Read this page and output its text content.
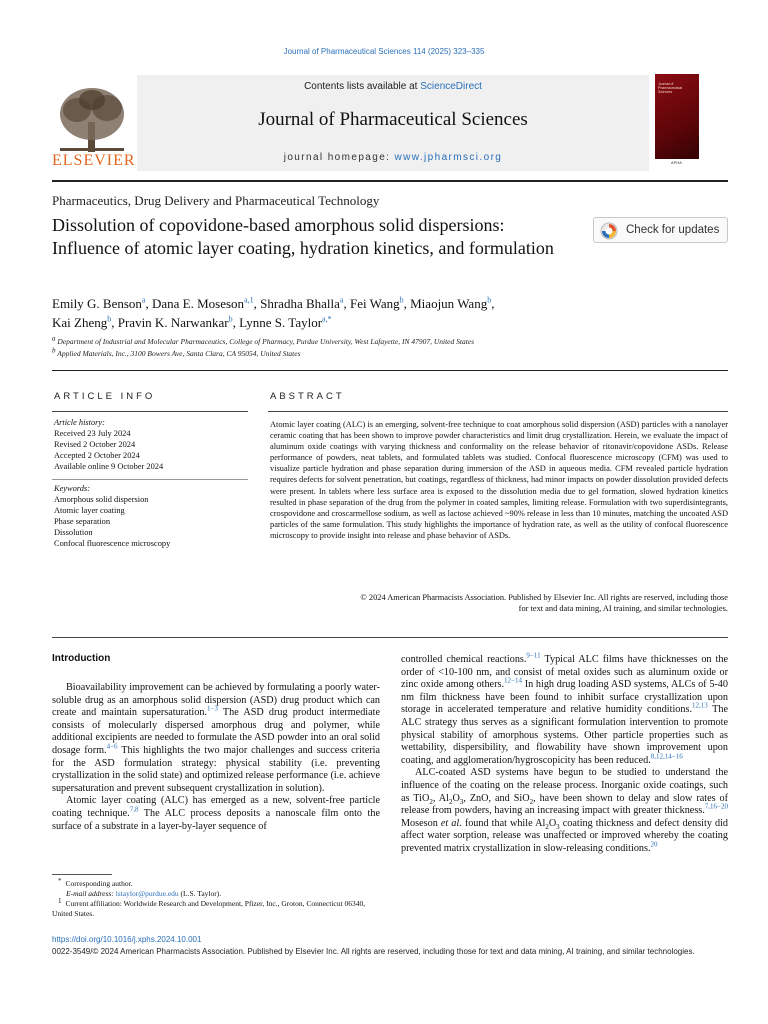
Journal of Pharmaceutical Sciences 114 (2025) 323–335
ELSEVIER
Contents lists available at ScienceDirect
Journal of Pharmaceutical Sciences
journal homepage: www.jpharmsci.org
Journal of Pharmaceutical Sciences
APHA
Pharmaceutics, Drug Delivery and Pharmaceutical Technology
Dissolution of copovidone-based amorphous solid dispersions: Influence of atomic layer coating, hydration kinetics, and formulation
Check for updates
Emily G. Benson$^a$, Dana E. Moseson$^{a,1}$, Shradha Bhalla$^a$, Fei Wang$^b$, Miaojun Wang$^b$,
Kai Zheng$^b$, Pravin K. Narwankar$^b$, Lynne S. Taylor$^{a,*}$
$^a$ Department of Industrial and Molecular Pharmaceutics, College of Pharmacy, Purdue University, West Lafayette, IN 47907, United States
$^b$ Applied Materials, Inc., 3100 Bowers Ave, Santa Clara, CA 95054, United States
ARTICLE INFO
Article history:
Received 23 July 2024
Revised 2 October 2024
Accepted 2 October 2024
Available online 9 October 2024
Keywords:
Amorphous solid dispersion
Atomic layer coating
Phase separation
Dissolution
Confocal fluorescence microscopy
ABSTRACT
Atomic layer coating (ALC) is an emerging, solvent-free technique to coat amorphous solid dispersion (ASD) particles with a nanolayer ceramic coating that has been shown to improve powder characteristics and limit drug crystallization. Herein, we evaluate the impact of aluminum oxide coatings with varying thickness and conformality on the release behavior of ritonavir/copovidone ASDs. Release performance of powders, neat tablets, and formulated tablets was studied. Confocal fluorescence microscopy (CFM) was used to visualize particle hydration and phase separation during immersion of the ASD in aqueous media. CFM revealed particle hydration requires defects for solvent penetration, but coatings, regardless of thickness, had minor impacts on powder dissolution provided defects were present. In tablets where less surface area is exposed to the dissolution media due to gel formation, slowed hydration kinetics resulted in phase separation of the drug from the polymer in coated samples, limiting release. Formulation with two superdisintegrants, crospovidone and croscarmellose sodium, as well as lactose achieved ~90% release in less than 10 minutes, matching the uncoated ASD particles of the same formulation. This study highlights the importance of hydration rate, as well as the utility of confocal fluorescence microscopy to provide insight into release and phase behavior of ASDs.
© 2024 American Pharmacists Association. Published by Elsevier Inc. All rights are reserved, including those
for text and data mining, AI training, and similar technologies.
Introduction

Bioavailability improvement can be achieved by formulating a poorly water-soluble drug as an amorphous solid dispersion (ASD) drug product which can create and maintain supersaturation.$^{1-3}$ The ASD drug product intermediate consists of molecularly dispersed amorphous drug and polymer, while additional excipients are needed to formulate the ASD powder into an oral solid dosage form.$^{4-6}$ This highlights the two major challenges and success criteria for the ASD formulation strategy: physical stability (i.e. preventing crystallization in the solid state) and optimized release performance (i.e. achieve supersaturation and prevent subsequent crystallization in solution).

Atomic layer coating (ALC) has emerged as a new, solvent-free particle coating technique.$^{7,8}$ The ALC process deposits a nanoscale film onto the surface of a substrate in a layer-by-layer sequence of

controlled chemical reactions.$^{9-11}$ Typical ALC films have thicknesses on the order of <10-100 nm, and consist of metal oxides such as aluminum oxide or zinc oxide among others.$^{12-14}$ In high drug loading ASD systems, ALCs of 5-40 nm film thickness have been found to inhibit surface crystallization upon storage in accelerated temperature and relative humidity conditions.$^{12,13}$ The ALC strategy thus serves as a significant formulation intervention to promote physical stability of amorphous systems. Other particle properties such as wettability, dispersibility, and flowability have shown improvement upon coating, and agglomeration/hygroscopicity has been reduced.$^{8,12,14-16}$

ALC-coated ASD systems have begun to be studied to understand the influence of the coating on the release process. Inorganic oxide coatings, such as TiO$_2$, $Al_2O_3$, ZnO, and SiO$_2$, have been shown to delay and slow rates of release from powders, having an increasing impact with greater thickness.$^{7,16-20}$ Moseson et al. found that while $Al_2O_3$ coating thickness and defect density did affect water sorption, release was unaffected or improved whereby the coating prevented matrix crystallization in slow-releasing conditions.$^{20}$

* Corresponding author.
E-mail address: lstaylor@purdue.edu (L.S. Taylor).
$^1$ Current affiliation: Worldwide Research and Development, Pfizer, Inc., Groton, Connecticut 06340, United States.
https://doi.org/10.1016/j.xphs.2024.10.001
0022-3549/© 2024 American Pharmacists Association. Published by Elsevier Inc. All rights are reserved, including those for text and data mining, AI training, and similar technologies.
